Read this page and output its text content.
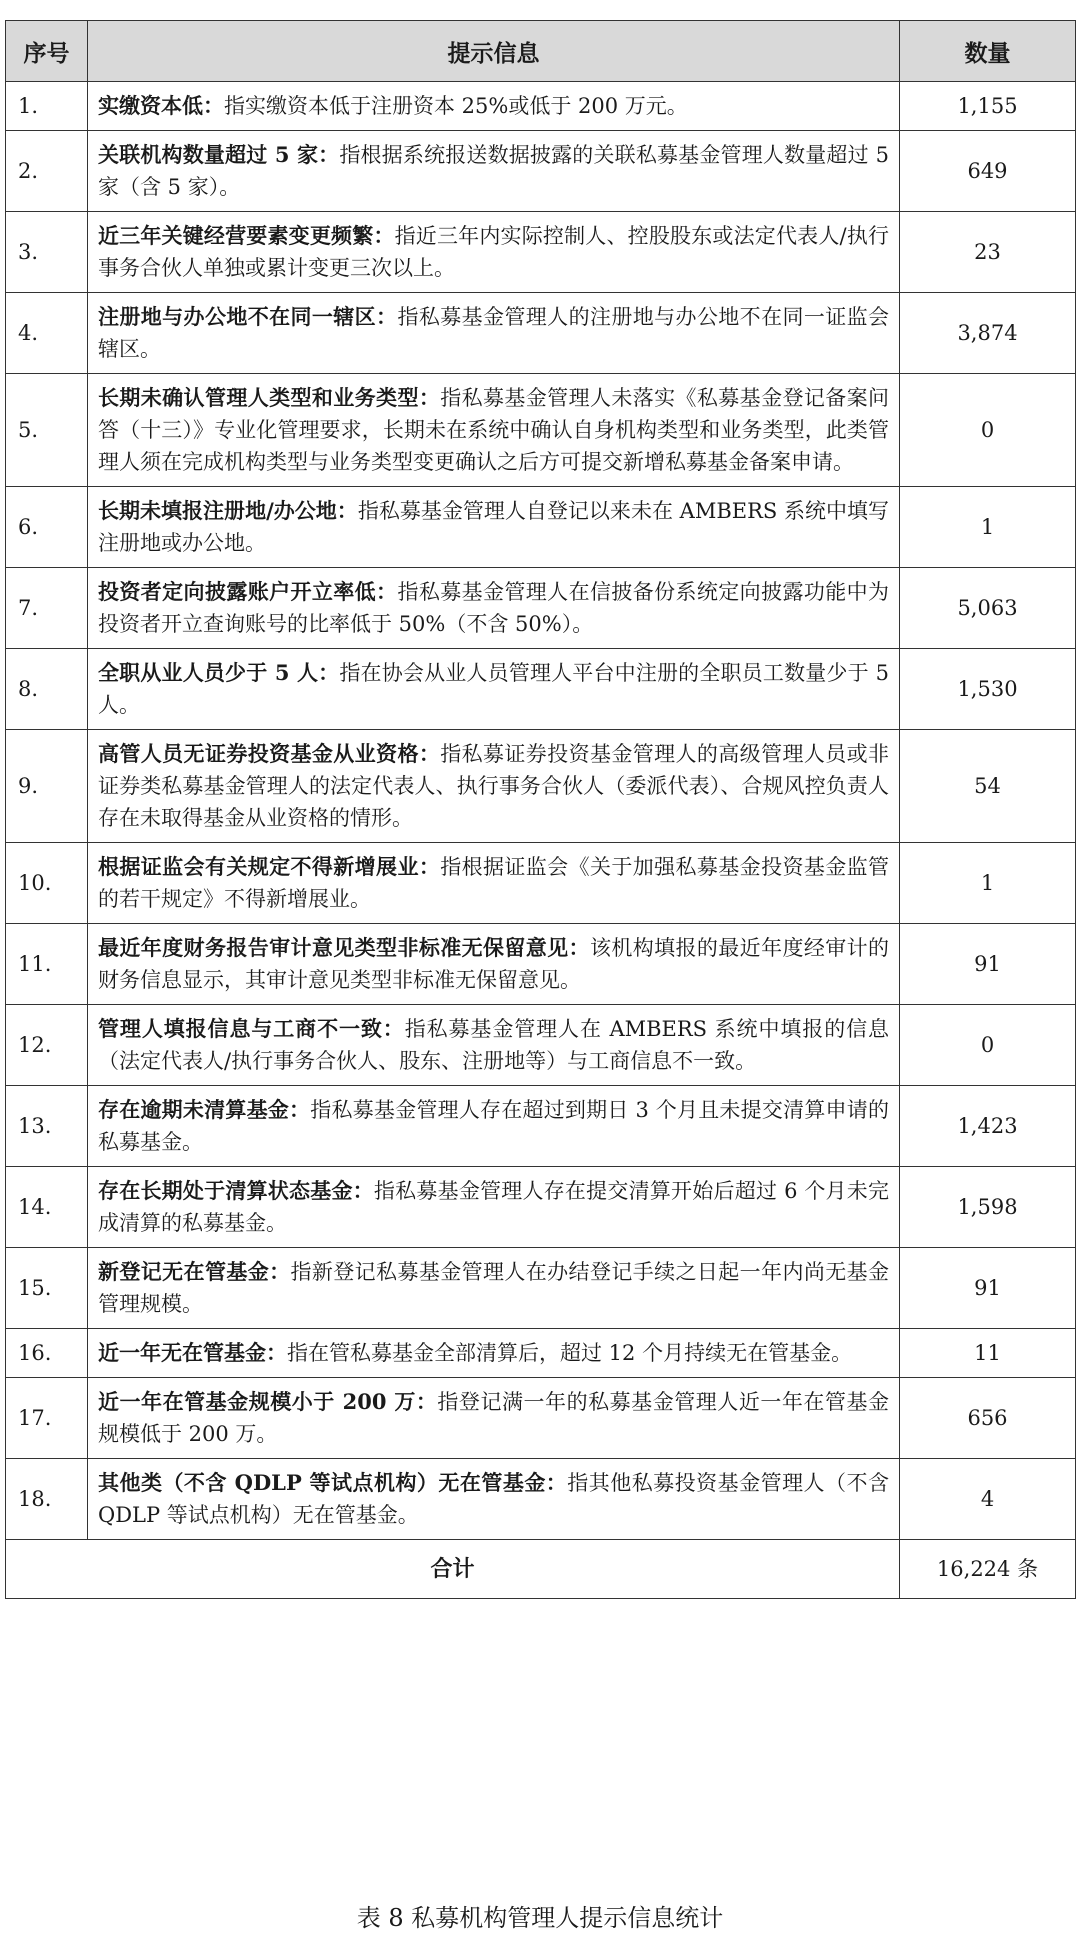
序号	提示信息	数量
1.	实缴资本低：指实缴资本低于注册资本 25%或低于 200 万元。	1,155
2.	关联机构数量超过 5 家：指根据系统报送数据披露的关联私募基金管理人数量超过 5 家（含 5 家）。	649
3.	近三年关键经营要素变更频繁：指近三年内实际控制人、控股股东或法定代表人/执行事务合伙人单独或累计变更三次以上。	23
4.	注册地与办公地不在同一辖区：指私募基金管理人的注册地与办公地不在同一证监会辖区。	3,874
5.	长期未确认管理人类型和业务类型：指私募基金管理人未落实《私募基金登记备案问答（十三）》专业化管理要求，长期未在系统中确认自身机构类型和业务类型，此类管理人须在完成机构类型与业务类型变更确认之后方可提交新增私募基金备案申请。	0
6.	长期未填报注册地/办公地：指私募基金管理人自登记以来未在 AMBERS 系统中填写注册地或办公地。	1
7.	投资者定向披露账户开立率低：指私募基金管理人在信披备份系统定向披露功能中为投资者开立查询账号的比率低于 50%（不含 50%）。	5,063
8.	全职从业人员少于 5 人：指在协会从业人员管理人平台中注册的全职员工数量少于 5 人。	1,530
9.	高管人员无证券投资基金从业资格：指私募证券投资基金管理人的高级管理人员或非证券类私募基金管理人的法定代表人、执行事务合伙人（委派代表）、合规风控负责人存在未取得基金从业资格的情形。	54
10.	根据证监会有关规定不得新增展业：指根据证监会《关于加强私募基金投资基金监管的若干规定》不得新增展业。	1
11.	最近年度财务报告审计意见类型非标准无保留意见：该机构填报的最近年度经审计的财务信息显示，其审计意见类型非标准无保留意见。	91
12.	管理人填报信息与工商不一致：指私募基金管理人在 AMBERS 系统中填报的信息（法定代表人/执行事务合伙人、股东、注册地等）与工商信息不一致。	0
13.	存在逾期未清算基金：指私募基金管理人存在超过到期日 3 个月且未提交清算申请的私募基金。	1,423
14.	存在长期处于清算状态基金：指私募基金管理人存在提交清算开始后超过 6 个月未完成清算的私募基金。	1,598
15.	新登记无在管基金：指新登记私募基金管理人在办结登记手续之日起一年内尚无基金管理规模。	91
16.	近一年无在管基金：指在管私募基金全部清算后，超过 12 个月持续无在管基金。	11
17.	近一年在管基金规模小于 200 万：指登记满一年的私募基金管理人近一年在管基金规模低于 200 万。	656
18.	其他类（不含 QDLP 等试点机构）无在管基金：指其他私募投资基金管理人（不含 QDLP 等试点机构）无在管基金。	4
合计		16,224 条
表 8 私募机构管理人提示信息统计
